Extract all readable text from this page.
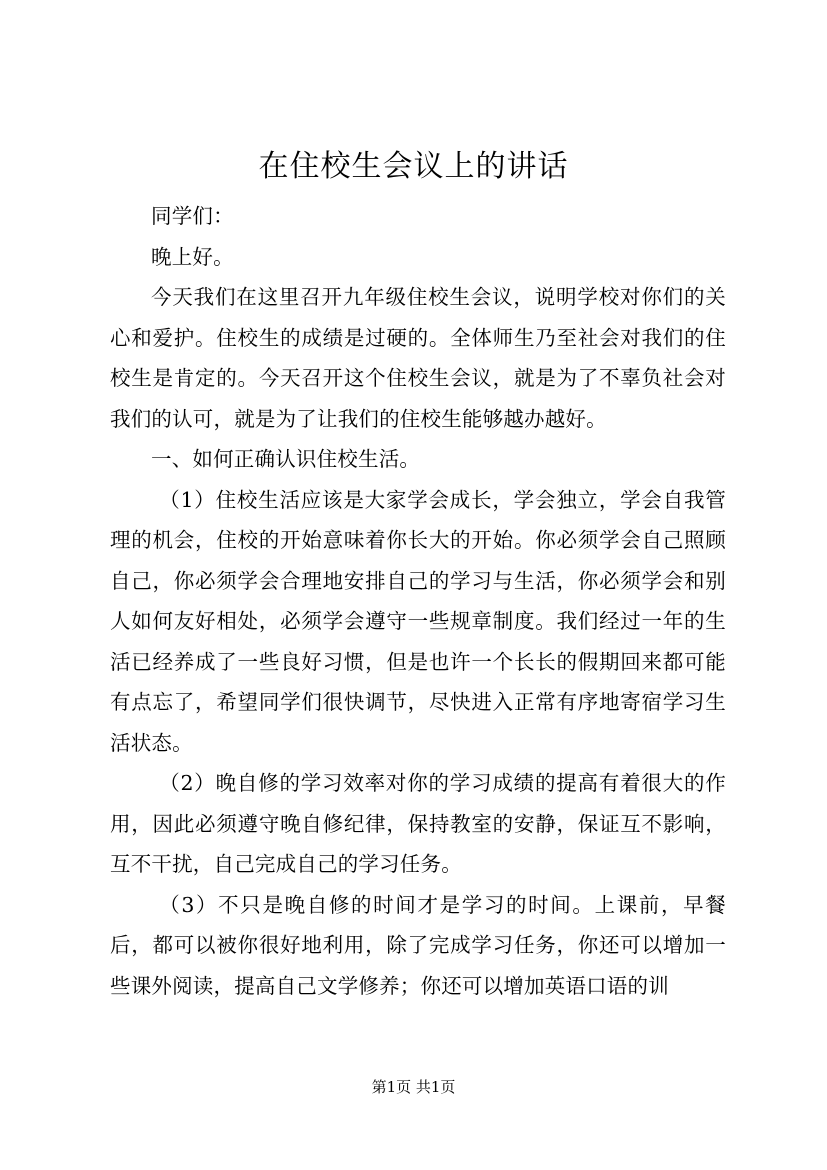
在住校生会议上的讲话

同学们：

晚上好。

今天我们在这里召开九年级住校生会议，说明学校对你们的关心和爱护。住校生的成绩是过硬的。全体师生乃至社会对我们的住校生是肯定的。今天召开这个住校生会议，就是为了不辜负社会对我们的认可，就是为了让我们的住校生能够越办越好。

一、如何正确认识住校生活。

（1）住校生活应该是大家学会成长，学会独立，学会自我管理的机会，住校的开始意味着你长大的开始。你必须学会自己照顾自己，你必须学会合理地安排自己的学习与生活，你必须学会和别人如何友好相处，必须学会遵守一些规章制度。我们经过一年的生活已经养成了一些良好习惯，但是也许一个长长的假期回来都可能有点忘了，希望同学们很快调节，尽快进入正常有序地寄宿学习生活状态。

（2）晚自修的学习效率对你的学习成绩的提高有着很大的作用，因此必须遵守晚自修纪律，保持教室的安静，保证互不影响，互不干扰，自己完成自己的学习任务。

（3）不只是晚自修的时间才是学习的时间。上课前，早餐后，都可以被你很好地利用，除了完成学习任务，你还可以增加一些课外阅读，提高自己文学修养；你还可以增加英语口语的训

第1页 共1页
